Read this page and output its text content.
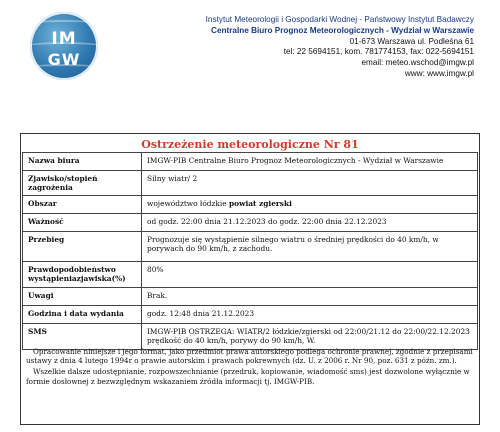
IM
GW
Instytut Meteorologii i Gospodarki Wodnej - Państwowy Instytut Badawczy
Centralne Biuro Prognoz Meteorologicznych - Wydział w Warszawie
01-673 Warszawa ul. Podleśna 61
tel: 22 5694151, kom. 781774153, fax: 022-5694151
email: meteo.wschod@imgw.pl
www: www.imgw.pl
Ostrzeżenie meteorologiczne Nr 81
Nazwa biura	IMGW-PIB Centralne Biuro Prognoz Meteorologicznych - Wydział w Warszawie
Zjawisko/stopień zagrożenia	Silny wiatr/ 2
Obszar	województwo łódzkie powiat zgierski
Ważność	od godz. 22:00 dnia 21.12.2023 do godz. 22:00 dnia 22.12.2023
Przebieg	Prognozuje się wystąpienie silnego wiatru o średniej prędkości do 40 km/h, w porywach do 90 km/h, z zachodu.
Prawdopodobieństwo wystąpieniazjawiska(%)	80%
Uwagi	Brak.
Godzina i data wydania	godz. 12:48 dnia 21.12.2023
SMS	IMGW-PIB OSTRZEGA: WIATR/2 łódzkie/zgierski od 22:00/21.12 do 22:00/22.12.2023 prędkość do 40 km/h, porywy do 90 km/h, W.

Opracowanie niniejsze i jego format, jako przedmiot prawa autorskiego podlega ochronie prawnej, zgodnie z przepisami ustawy z dnia 4 lutego 1994r o prawie autorskim i prawach pokrewnych (dz. U. z 2006 r. Nr 90, poz. 631 z późn. zm.).

Wszelkie dalsze udostępnianie, rozpowszechnianie (przedruk, kopiowanie, wiadomość sms) jest dozwolone wyłącznie w formie dosłownej z bezwzględnym wskazaniem źródła informacji tj. IMGW-PIB.
